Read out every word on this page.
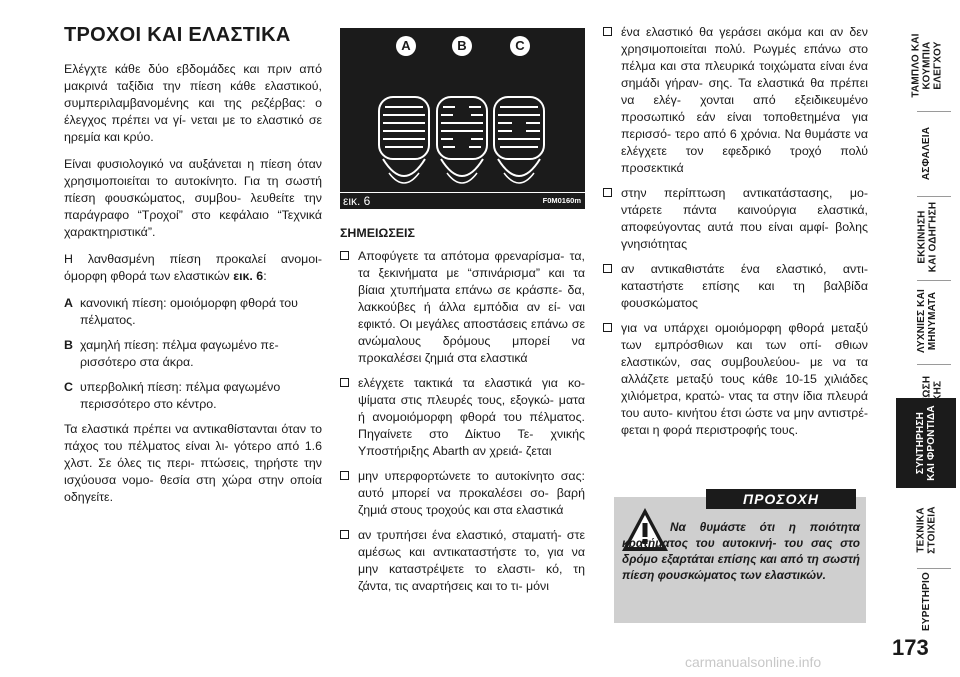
ΤΡΟΧΟΙ ΚΑΙ ΕΛΑΣΤΙΚΑ

Ελέγχτε κάθε δύο εβδομάδες και πριν από μακρινά ταξίδια την πίεση κάθε ελαστικού, συμπεριλαμβανομένης και της ρεζέρβας: ο έλεγχος πρέπει να γί- νεται με το ελαστικό σε ηρεμία και κρύο.

Είναι φυσιολογικό να αυξάνεται η πίεση όταν χρησιμοποιείται το αυτοκίνητο. Για τη σωστή πίεση φουσκώματος, συμβου- λευθείτε την παράγραφο “Τροχοί” στο κεφάλαιο “Τεχνικά χαρακτηριστικά”.

Η λανθασμένη πίεση προκαλεί ανομοι- όμορφη φθορά των ελαστικών εικ. 6:

A κανονική πίεση: ομοιόμορφη φθορά του πέλματος.
B χαμηλή πίεση: πέλμα φαγωμένο πε- ρισσότερο στα άκρα.
C υπερβολική πίεση: πέλμα φαγωμένο περισσότερο στο κέντρο.

Τα ελαστικά πρέπει να αντικαθίστανται όταν το πάχος του πέλματος είναι λι- γότερο από 1.6 χλστ. Σε όλες τις περι- πτώσεις, τηρήστε την ισχύουσα νομο- θεσία στη χώρα στην οποία οδηγείτε.

A	B	C
εικ. 6	F0M0160m
ΣΗΜΕΙΩΣΕΙΣ
Αποφύγετε τα απότομα φρεναρίσμα- τα, τα ξεκινήματα με “σπινάρισμα” και τα βίαια χτυπήματα επάνω σε κράσπε- δα, λακκούβες ή άλλα εμπόδια αν εί- ναι εφικτό. Οι μεγάλες αποστάσεις επάνω σε ανώμαλους δρόμους μπορεί να προκαλέσει ζημιά στα ελαστικά
ελέγχετε τακτικά τα ελαστικά για κο- ψίματα στις πλευρές τους, εξογκώ- ματα ή ανομοιόμορφη φθορά του πέλματος. Πηγαίνετε στο Δίκτυο Τε- χνικής Υποστήριξης Abarth αν χρειά- ζεται
μην υπερφορτώνετε το αυτοκίνητο σας: αυτό μπορεί να προκαλέσει σο- βαρή ζημιά στους τροχούς και στα ελαστικά
αν τρυπήσει ένα ελαστικό, σταματή- στε αμέσως και αντικαταστήστε το, για να μην καταστρέψετε το ελαστι- κό, τη ζάντα, τις αναρτήσεις και το τι- μόνι
ένα ελαστικό θα γεράσει ακόμα και αν δεν χρησιμοποιείται πολύ. Ρωγμές επάνω στο πέλμα και στα πλευρικά τοιχώματα είναι ένα σημάδι γήραν- σης. Τα ελαστικά θα πρέπει να ελέγ- χονται από εξειδικευμένο προσωπικό εάν είναι τοποθετημένα για περισσό- τερο από 6 χρόνια. Να θυμάστε να ελέγχετε τον εφεδρικό τροχό πολύ προσεκτικά
στην περίπτωση αντικατάστασης, μο- ντάρετε πάντα καινούργια ελαστικά, αποφεύγοντας αυτά που είναι αμφί- βολης γνησιότητας
αν αντικαθιστάτε ένα ελαστικό, αντι- καταστήστε επίσης και τη βαλβίδα φουσκώματος
για να υπάρχει ομοιόμορφη φθορά μεταξύ των εμπρόσθιων και των οπί- σθιων ελαστικών, σας συμβουλεύου- με να τα αλλάζετε μεταξύ τους κάθε 10-15 χιλιάδες χιλιόμετρα, κρατώ- ντας τα στην ίδια πλευρά του αυτο- κινήτου έτσι ώστε να μην αντιστρέ- φεται η φορά περιστροφής τους.
ΠΡΟΣΟΧΗ
Να θυμάστε ότι η ποιότητα κρατήματος του αυτοκινή- του σας στο δρόμο εξαρτάται επίσης και από τη σωστή πίεση φουσκώματος των ελαστικών.
ΤΑΜΠΛΟ ΚΑΙ
ΚΟΥΜΠΙΑ
ΕΛΕΓΧΟΥ
ΑΣΦΑΛΕΙΑ
ΕΚΚΙΝΗΣΗ
ΚΑΙ ΟΔΗΓΗΣΗ
ΛΥΧΝΙΕΣ ΚΑΙ
ΜΗΝΥΜΑΤΑ

ΣΥΝΤΗΡΗΣΗ
ΚΑΙ ΦΡΟΝΤΙΔΑ
ΤΕΧΝΙΚΑ
ΣΤΟΙΧΕΙΑ
ΕΥΡΕΤΗΡΙΟ
173
carmanualsonline.info
